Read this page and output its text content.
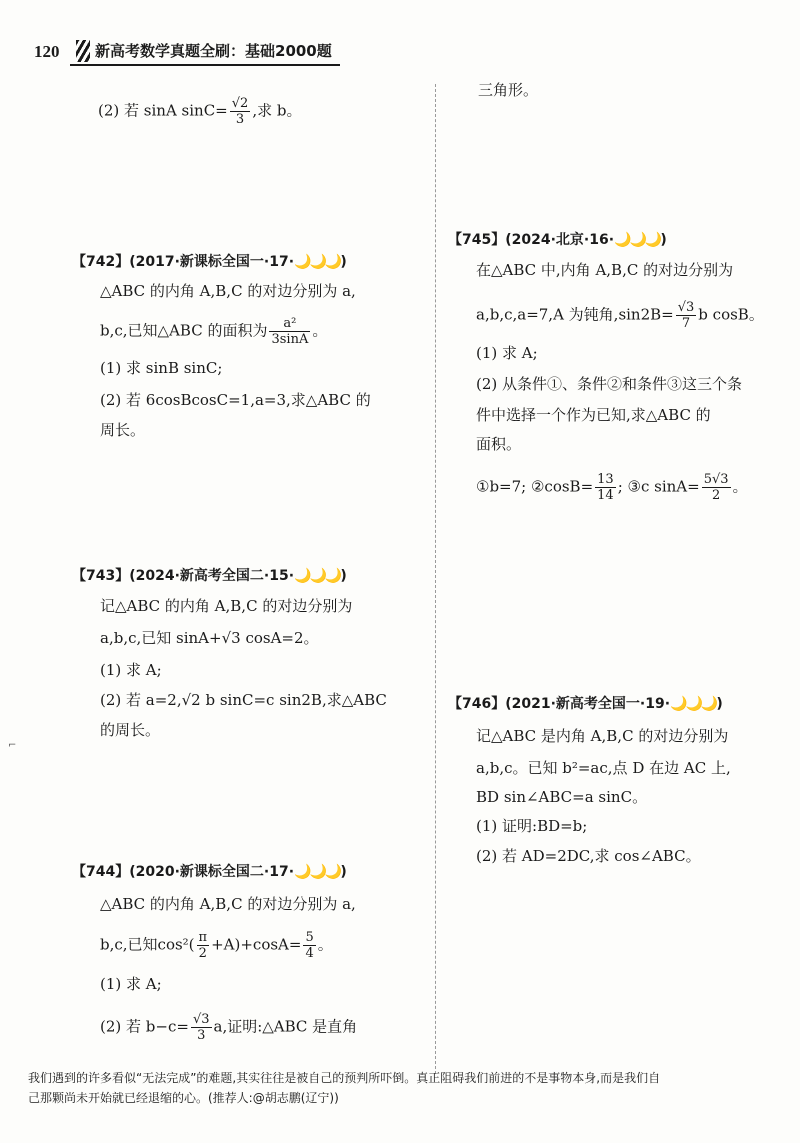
120 新高考数学真题全刷：基础2000题
(2) 若 sinA $\sin C= \frac{√2}{3}$ ,求 b。
【742】(2017·新课标全国一·17·🌙🌙🌙)
△ABC 的内角 A,B,C 的对边分别为 a,
b,c,已知△ABC 的面积为 $\frac{\text{a²}}{3\sin A}$ 。
(1) 求 sinB sinC;
(2) 若 6cosBcosC=1,a=3,求△ABC 的
周长。
【743】(2024·新高考全国二·15·🌙🌙🌙)
记△ABC 的内角 A,B,C 的对边分别为
a,b,c,已知 sinA+√3 cosA=2。
(1) 求 A;
(2) 若 a=2,√2 b sinC=c sin2B,求△ABC
的周长。
【744】(2020·新课标全国二·17·🌙🌙🌙)
△ABC 的内角 A,B,C 的对边分别为 a,
b,c,已知$\cos^2( \frac{\pi}{2} +A)+\cos A= \frac{5}{4}$ 。
(1) 求 A;
(2) 若 $b-c= \frac{√3}{3} a$,证明:△ABC 是直角
三角形。
【745】(2024·北京·16·🌙🌙🌙)
在△ABC 中,内角 A,B,C 的对边分别为
a,b,c,a=7,A 为钝角$,\sin 2B= \frac{√3}{7}$ b cosB。
(1) 求 A;
(2) 从条件①、条件②和条件③这三个条
件中选择一个作为已知,求△ABC 的
面积。
①b=7; ②cosB= $\frac{13}{14}$ ; ③c $\sin A= \frac{5√3}{2}$ 。
【746】(2021·新高考全国一·19·🌙🌙🌙)
记△ABC 是内角 A,B,C 的对边分别为
a,b,c。已知 b²=ac,点 D 在边 AC 上,
BD sin∠ABC=a sinC。
(1) 证明:BD=b;
(2) 若 AD=2DC,求 cos∠ABC。
⌐
我们遇到的许多看似“无法完成”的难题,其实往往是被自己的预判所吓倒。真正阻碍我们前进的不是事物本身,而是我们自
己那颗尚未开始就已经退缩的心。(推荐人:@胡志鹏(辽宁))
